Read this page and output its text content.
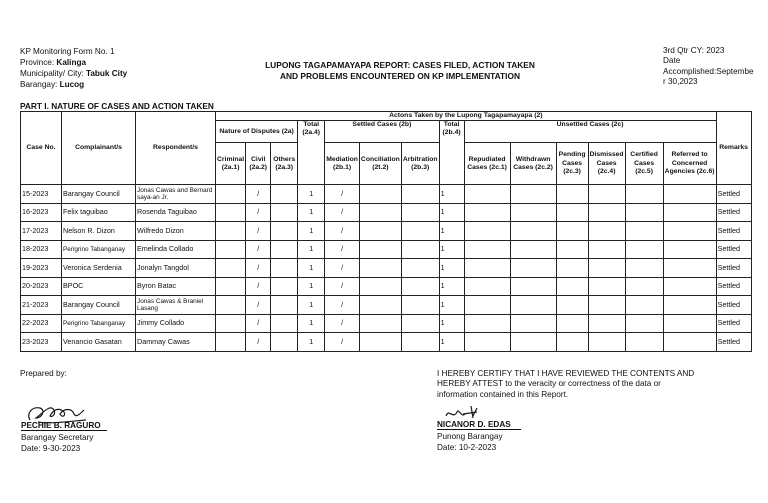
KP Monitoring Form No. 1
Province: Kalinga
Municipality/ City: Tabuk City
Barangay: Lucog
LUPONG TAGAPAMAYAPA REPORT: CASES FILED, ACTION TAKEN
AND PROBLEMS ENCOUNTERED ON KP IMPLEMENTATION
3rd Qtr CY: 2023
Date
Accomplished:September 30,2023
PART I. NATURE OF CASES AND ACTION TAKEN
Case No.	Complainant/s	Respondent/s	Actons Taken by the Lupong Tagapamayapa (2)														Remarks
			Nature of Disputes (2a)			Total (2a.4)	Settled Cases (2b)			Total (2b.4)	Unsettled Cases (2c)						
			Criminal (2a.1)	Civil (2a.2)	Others (2a.3)		Mediation (2b.1)	Conciliation (2t.2)	Arbitration (2b.3)		Repudiated Cases (2c.1)	Withdrawn Cases (2c.2)	Pending Cases (2c.3)	Dismissed Cases (2c.4)	Certified Cases (2c.5)	Referred to Concerned Agencies (2c.6)	
15-2023	Barangay Council	Jonas Cawas and Bernard saya-an Jr.		/		1	/			1							Settled
16-2023	Felix taguibao	Rosenda Taguibao		/		1	/			1							Settled
17-2023	Nelson R. Dizon	Wilfredo Dizon		/		1	/			1							Settled
18-2023	Perigrino Tabanganay	Emelinda Collado		/		1	/			1							Settled
19-2023	Veronica Serdenia	Jonalyn Tangdol		/		1	/			1							Settled
20-2023	BPOC	Byron Batac		/		1	/			1							Settled
21-2023	Barangay Council	Jonas Cawas & Braniel Lasang		/		1	/			1							Settled
22-2023	Perigrino Tabanganay	Jimmy Collado		/		1	/			1							Settled
23-2023	Venancio Gasatan	Dammay Cawas		/		1	/			1							Settled
Prepared by:
PECHIE B. RAGURO
Barangay Secretary
Date: 9-30-2023
I HEREBY CERTIFY THAT I HAVE REVIEWED THE CONTENTS AND
HEREBY ATTEST to the veracity or correctness of the data or
information contained in this Report.
NICANOR D. EDAS
Punong Barangay
Date: 10-2-2023
